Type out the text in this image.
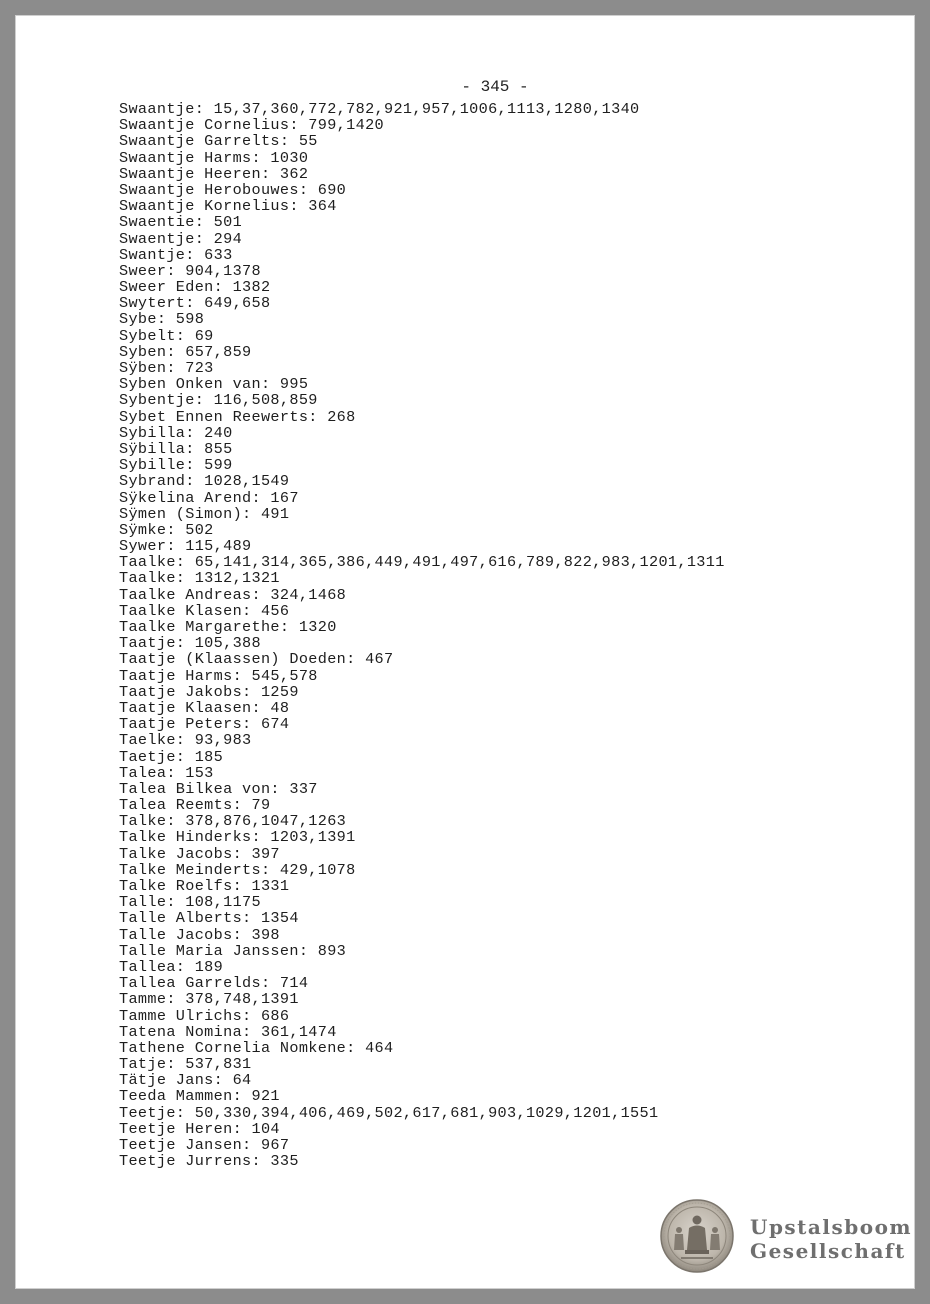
- 345 -
Swaantje: 15,37,360,772,782,921,957,1006,1113,1280,1340
Swaantje Cornelius: 799,1420
Swaantje Garrelts: 55
Swaantje Harms: 1030
Swaantje Heeren: 362
Swaantje Herobouwes: 690
Swaantje Kornelius: 364
Swaentie: 501
Swaentje: 294
Swantje: 633
Sweer: 904,1378
Sweer Eden: 1382
Swytert: 649,658
Sybe: 598
Sybelt: 69
Syben: 657,859
Sÿben: 723
Syben Onken van: 995
Sybentje: 116,508,859
Sybet Ennen Reewerts: 268
Sybilla: 240
Sÿbilla: 855
Sybille: 599
Sybrand: 1028,1549
Sÿkelina Arend: 167
Sÿmen (Simon): 491
Sÿmke: 502
Sywer: 115,489
Taalke: 65,141,314,365,386,449,491,497,616,789,822,983,1201,1311
Taalke: 1312,1321
Taalke Andreas: 324,1468
Taalke Klasen: 456
Taalke Margarethe: 1320
Taatje: 105,388
Taatje (Klaassen) Doeden: 467
Taatje Harms: 545,578
Taatje Jakobs: 1259
Taatje Klaasen: 48
Taatje Peters: 674
Taelke: 93,983
Taetje: 185
Talea: 153
Talea Bilkea von: 337
Talea Reemts: 79
Talke: 378,876,1047,1263
Talke Hinderks: 1203,1391
Talke Jacobs: 397
Talke Meinderts: 429,1078
Talke Roelfs: 1331
Talle: 108,1175
Talle Alberts: 1354
Talle Jacobs: 398
Talle Maria Janssen: 893
Tallea: 189
Tallea Garrelds: 714
Tamme: 378,748,1391
Tamme Ulrichs: 686
Tatena Nomina: 361,1474
Tathene Cornelia Nomkene: 464
Tatje: 537,831
Tätje Jans: 64
Teeda Mammen: 921
Teetje: 50,330,394,406,469,502,617,681,903,1029,1201,1551
Teetje Heren: 104
Teetje Jansen: 967
Teetje Jurrens: 335
Upstalsboom
Gesellschaft
